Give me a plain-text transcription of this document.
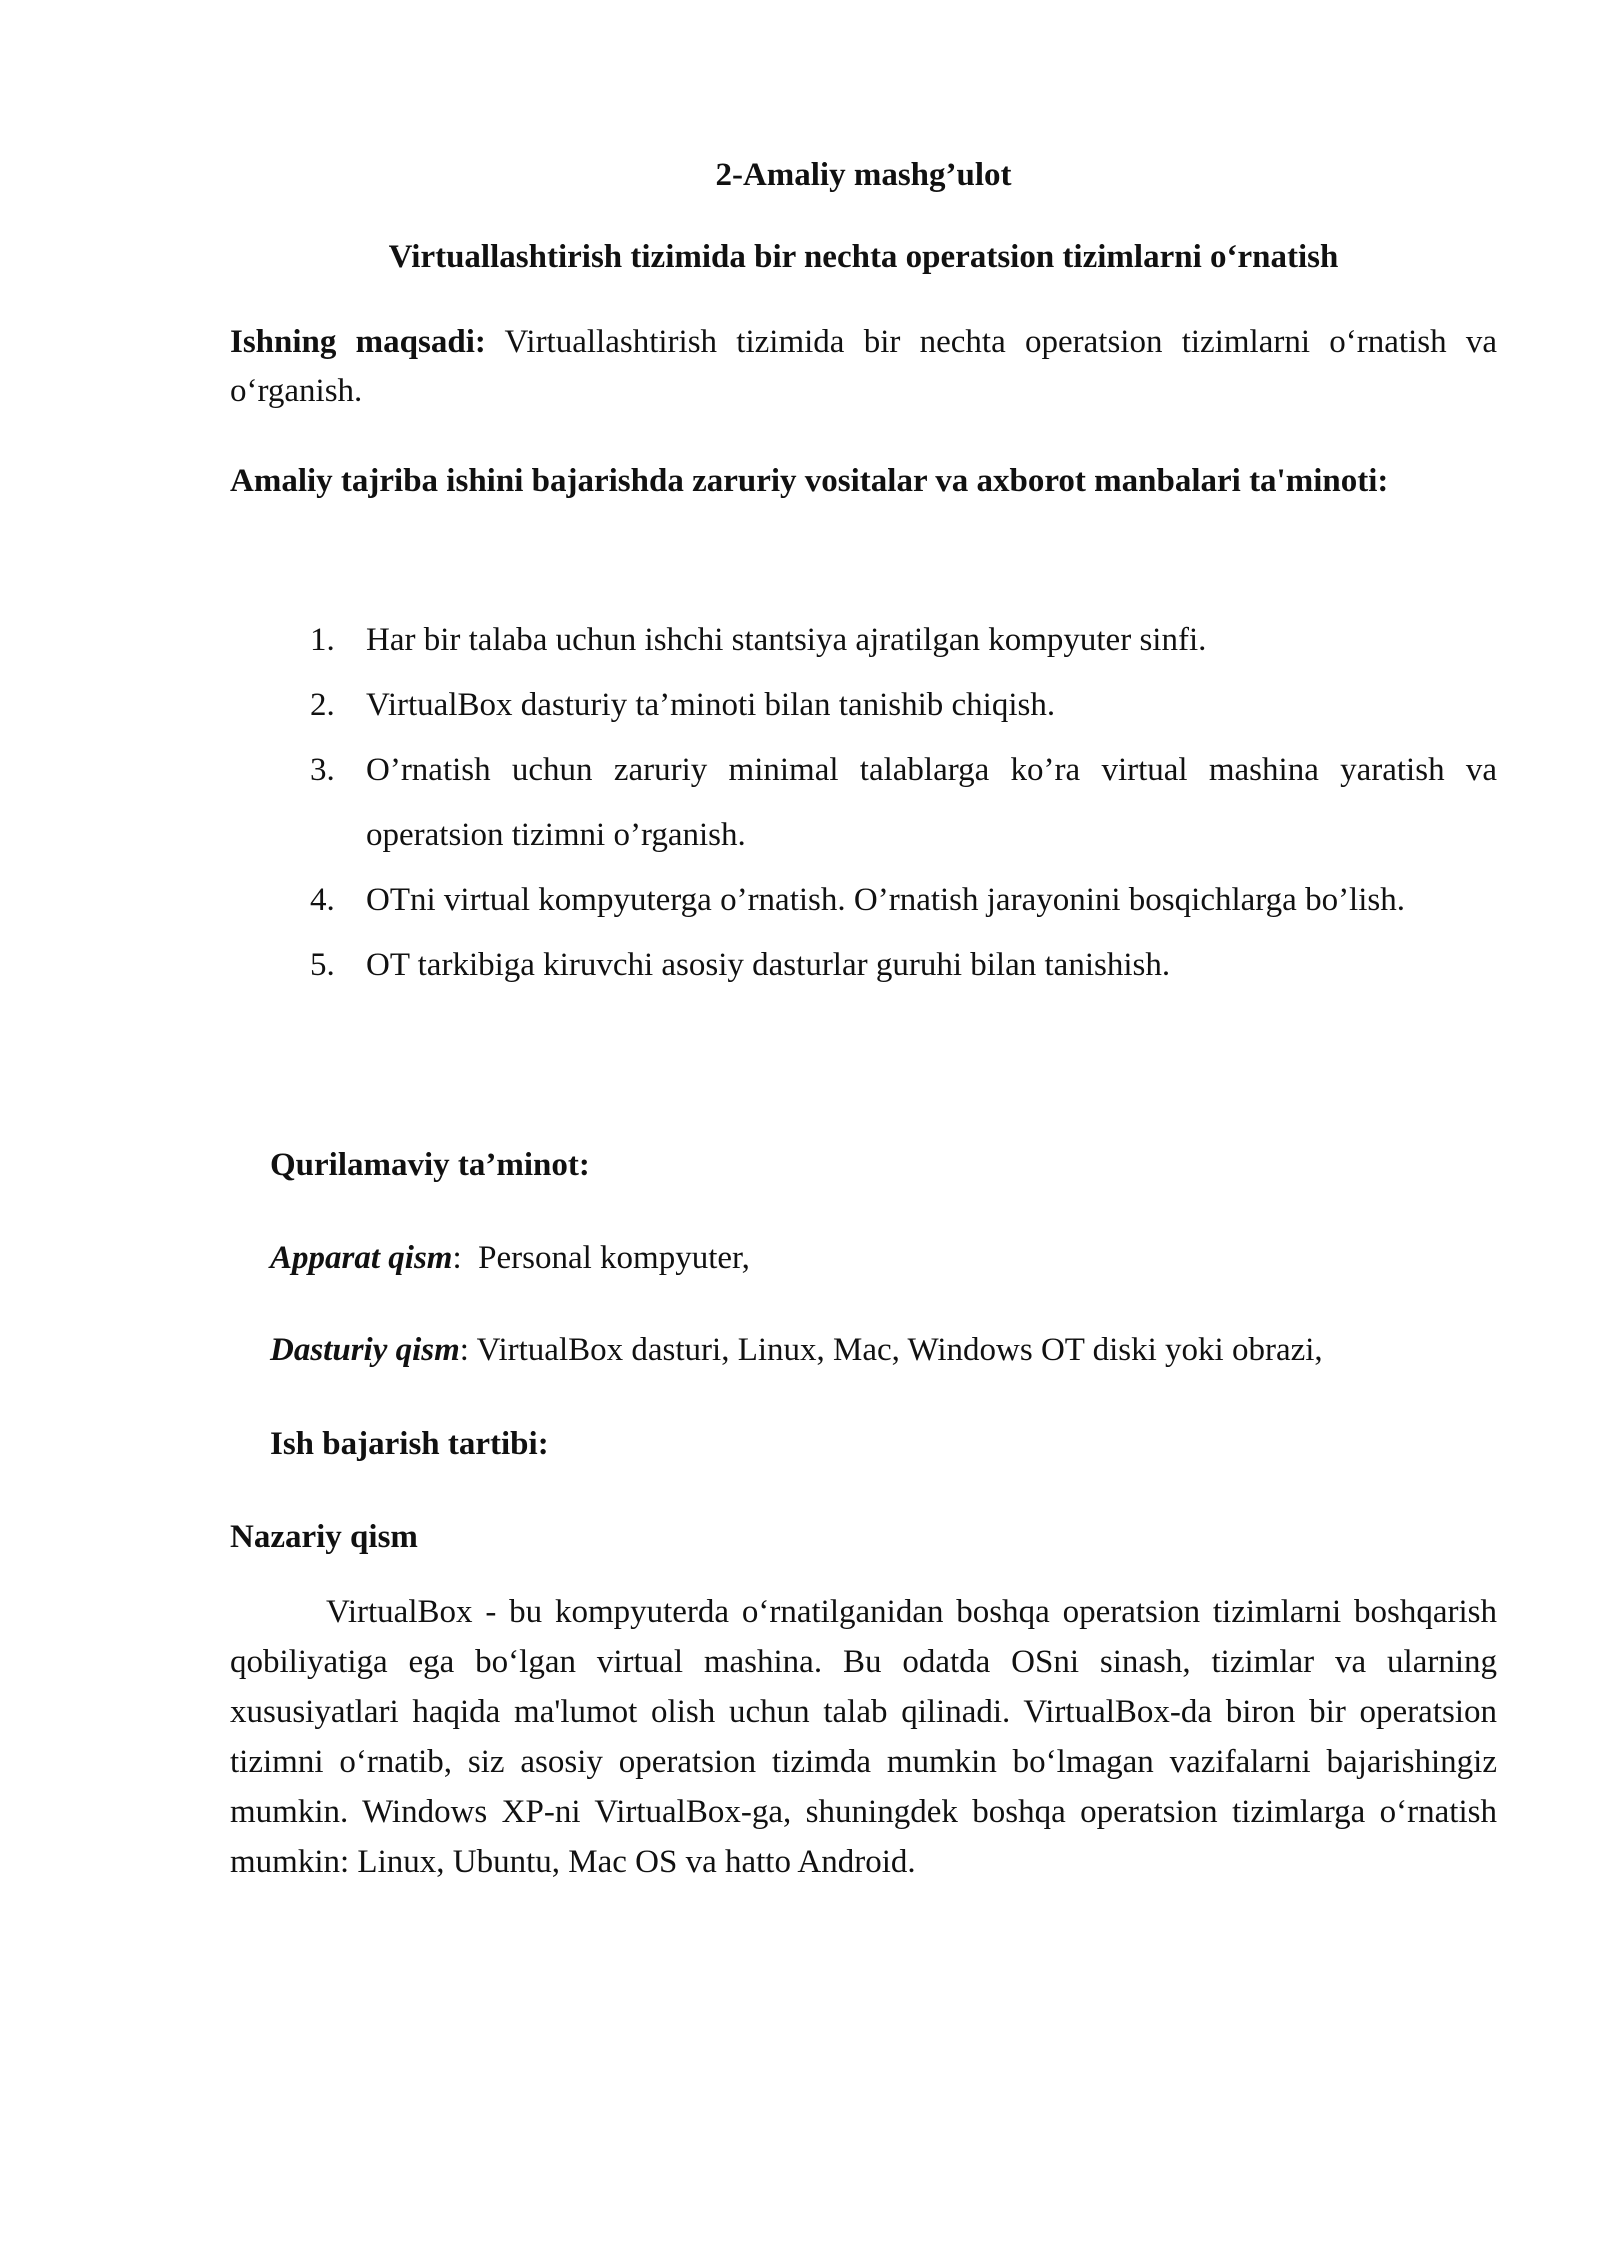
2-Amaliy mashg’ulot
Virtuallashtirish tizimida bir nechta operatsion tizimlarni o‘rnatish
Ishning maqsadi: Virtuallashtirish tizimida bir nechta operatsion tizimlarni o‘rnatish va o‘rganish.
Amaliy tajriba ishini bajarishda zaruriy vositalar va axborot manbalari ta'minoti:
1. Har bir talaba uchun ishchi stantsiya ajratilgan kompyuter sinfi.
2. VirtualBox dasturiy ta’minoti bilan tanishib chiqish.
3. O’rnatish uchun zaruriy minimal talablarga ko’ra virtual mashina yaratish va operatsion tizimni o’rganish.
4. OTni virtual kompyuterga o’rnatish. O’rnatish jarayonini bosqichlarga bo’lish.
5. OT tarkibiga kiruvchi asosiy dasturlar guruhi bilan tanishish.
Qurilamaviy ta’minot:
Apparat qism:  Personal kompyuter,
Dasturiy qism: VirtualBox dasturi, Linux, Mac, Windows OT diski yoki obrazi,
Ish bajarish tartibi:
Nazariy qism
VirtualBox - bu kompyuterda o‘rnatilganidan boshqa operatsion tizimlarni boshqarish qobiliyatiga ega bo‘lgan virtual mashina. Bu odatda OSni sinash, tizimlar va ularning xususiyatlari haqida ma'lumot olish uchun talab qilinadi. VirtualBox-da biron bir operatsion tizimni o‘rnatib, siz asosiy operatsion tizimda mumkin bo‘lmagan vazifalarni bajarishingiz mumkin. Windows XP-ni VirtualBox-ga, shuningdek boshqa operatsion tizimlarga o‘rnatish mumkin: Linux, Ubuntu, Mac OS va hatto Android.
